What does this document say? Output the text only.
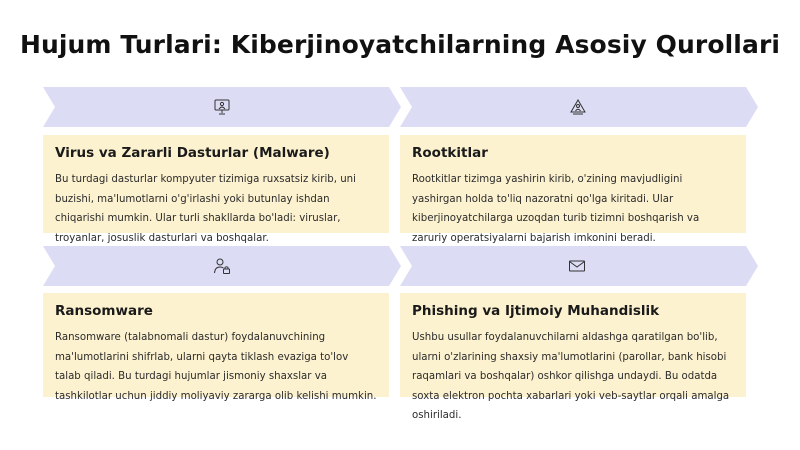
Hujum Turlari: Kiberjinoyatchilarning Asosiy Qurollari
Virus va Zararli Dasturlar (Malware)

Bu turdagi dasturlar kompyuter tizimiga ruxsatsiz kirib, uni buzishi, ma'lumotlarni o'g'irlashi yoki butunlay ishdan chiqarishi mumkin. Ular turli shakllarda bo'ladi: viruslar, troyanlar, josuslik dasturlari va boshqalar.

Rootkitlar

Rootkitlar tizimga yashirin kirib, o'zining mavjudligini yashirgan holda to'liq nazoratni qo'lga kiritadi. Ular kiberjinoyatchilarga uzoqdan turib tizimni boshqarish va zaruriy operatsiyalarni bajarish imkonini beradi.

Ransomware

Ransomware (talabnomali dastur) foydalanuvchining ma'lumotlarini shifrlab, ularni qayta tiklash evaziga to'lov talab qiladi. Bu turdagi hujumlar jismoniy shaxslar va tashkilotlar uchun jiddiy moliyaviy zararga olib kelishi mumkin.

Phishing va Ijtimoiy Muhandislik

Ushbu usullar foydalanuvchilarni aldashga qaratilgan bo'lib, ularni o'zlarining shaxsiy ma'lumotlarini (parollar, bank hisobi raqamlari va boshqalar) oshkor qilishga undaydi. Bu odatda soxta elektron pochta xabarlari yoki veb-saytlar orqali amalga oshiriladi.
